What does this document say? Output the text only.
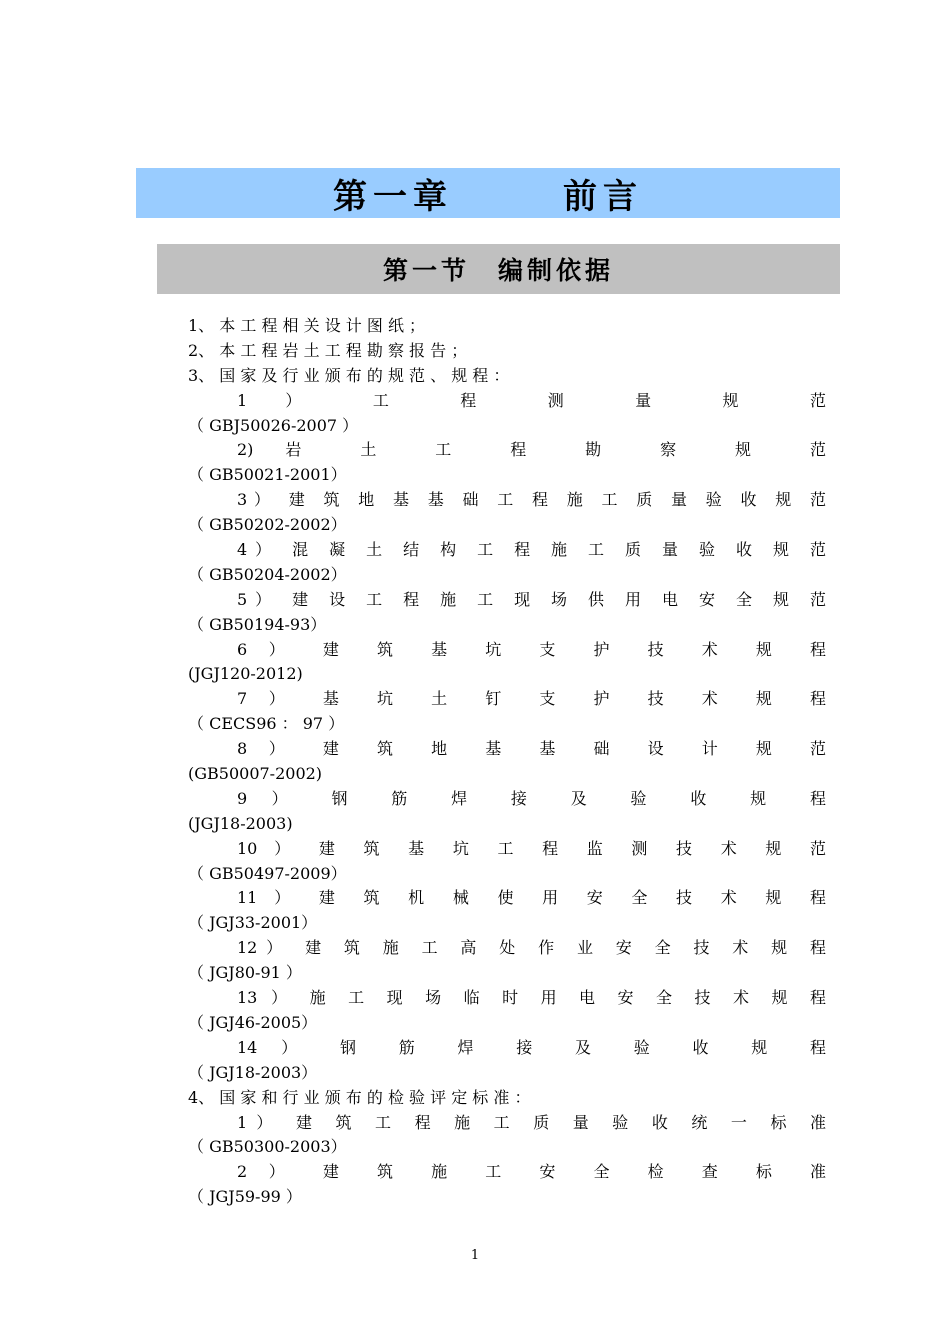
第一章	前言
第一节 编制依据
1、 本 工 程 相 关 设 计 图 纸 ；
2、 本 工 程 岩 土 工 程 勘 察 报 告 ；
3、 国 家 及 行 业 颁 布 的 规 范 、 规 程 ：
1 ） 工 程 测 量 规 范
（ GBJ50026-2007 ）
2) 岩 土 工 程 勘 察 规 范
（ GB50021-2001）
3） 建 筑 地 基 基 础 工 程 施 工 质 量 验 收 规 范
（ GB50202-2002）
4） 混 凝 土 结 构 工 程 施 工 质 量 验 收 规 范
（ GB50204-2002）
5） 建 设 工 程 施 工 现 场 供 用 电 安 全 规 范
（ GB50194-93）
6 ） 建 筑 基 坑 支 护 技 术 规 程
(JGJ120-2012)
7 ） 基 坑 土 钉 支 护 技 术 规 程
（ CECS96 ： 97 ）
8 ） 建 筑 地 基 基 础 设 计 规 范
(GB50007-2002)
9 ） 钢 筋 焊 接 及 验 收 规 程
(JGJ18-2003)
10 ） 建 筑 基 坑 工 程 监 测 技 术 规 范
（ GB50497-2009）
11 ） 建 筑 机 械 使 用 安 全 技 术 规 程
（ JGJ33-2001）
12） 建 筑 施 工 高 处 作 业 安 全 技 术 规 程
（ JGJ80-91 ）
13 ） 施 工 现 场 临 时 用 电 安 全 技 术 规 程
（ JGJ46-2005）
14 ） 钢 筋 焊 接 及 验 收 规 程
（ JGJ18-2003）
4、 国 家 和 行 业 颁 布 的 检 验 评 定 标 准 ：
1） 建 筑 工 程 施 工 质 量 验 收 统 一 标 准
（ GB50300-2003）
2 ） 建 筑 施 工 安 全 检 查 标 准
（ JGJ59-99 ）
1
